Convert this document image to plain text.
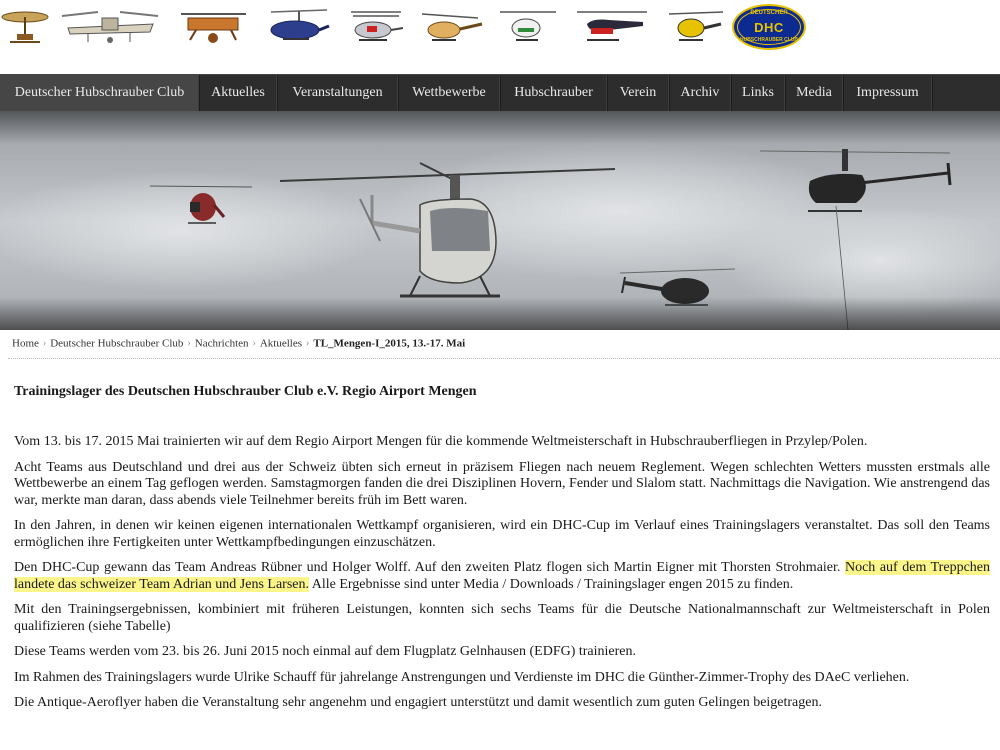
DEUTSCHER
DHC
HUBSCHRAUBER CLUB
Deutscher Hubschrauber Club	Aktuelles	Veranstaltungen	Wettbewerbe	Hubschrauber	Verein	Archiv	Links	Media	Impressum
Home › Deutscher Hubschrauber Club › Nachrichten › Aktuelles › TL_Mengen-I_2015, 13.-17. Mai
Trainingslager des Deutschen Hubschrauber Club e.V. Regio Airport Mengen

Vom 13. bis 17. 2015 Mai trainierten wir auf dem Regio Airport Mengen für die kommende Weltmeisterschaft in Hubschrauberfliegen in Przylep/Polen.

Acht Teams aus Deutschland und drei aus der Schweiz übten sich erneut in präzisem Fliegen nach neuem Reglement. Wegen schlechten Wetters mussten erstmals alle Wettbewerbe an einem Tag geflogen werden. Samstagmorgen fanden die drei Disziplinen Hovern, Fender und Slalom statt. Nachmittags die Navigation. Wie anstrengend das war, merkte man daran, dass abends viele Teilnehmer bereits früh im Bett waren.

In den Jahren, in denen wir keinen eigenen internationalen Wettkampf organisieren, wird ein DHC-Cup im Verlauf eines Trainingslagers veranstaltet. Das soll den Teams ermöglichen ihre Fertigkeiten unter Wettkampfbedingungen einzuschätzen.

Den DHC-Cup gewann das Team Andreas Rübner und Holger Wolff. Auf den zweiten Platz flogen sich Martin Eigner mit Thorsten Strohmaier. Noch auf dem Treppchen landete das schweizer Team Adrian und Jens Larsen. Alle Ergebnisse sind unter Media / Downloads / Trainingslager engen 2015 zu finden.

Mit den Trainingsergebnissen, kombiniert mit früheren Leistungen, konnten sich sechs Teams für die Deutsche Nationalmannschaft zur Weltmeisterschaft in Polen qualifizieren (siehe Tabelle)

Diese Teams werden vom 23. bis 26. Juni 2015 noch einmal auf dem Flugplatz Gelnhausen (EDFG) trainieren.

Im Rahmen des Trainingslagers wurde Ulrike Schauff für jahrelange Anstrengungen und Verdienste im DHC die Günther-Zimmer-Trophy des DAeC verliehen.

Die Antique-Aeroflyer haben die Veranstaltung sehr angenehm und engagiert unterstützt und damit wesentlich zum guten Gelingen beigetragen.
